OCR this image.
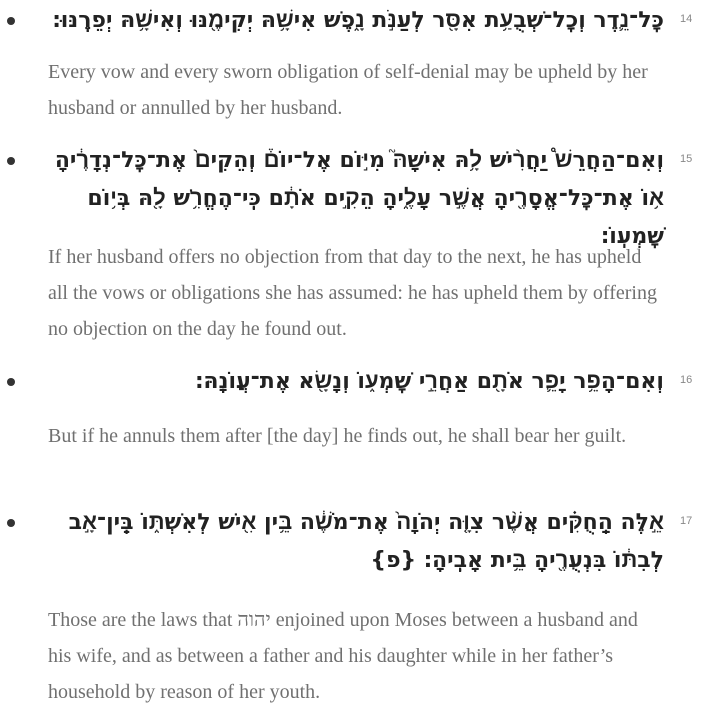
כׇּל־נֵ֛דֶר וְכׇל־שְׁבֻעַ֥ת אִסָּ֖ר לְעַנֹּ֣ת נָ֑פֶשׁ אִישָׁ֥הּ יְקִימֶ֖נּוּ וְאִישָׁ֥הּ יְפֵרֶֽנּוּ׃ 14
Every vow and every sworn obligation of self-denial may be upheld by her husband or annulled by her husband.
וְאִם־הַחֲרֵשׁ֩ יַחֲרִ֨ישׁ לָ֥הּ אִישָׁהּ֮ מִיּ֣וֹם אֶל־יוֹם֒ וְהֵקִים֙ אֶת־כׇּל־נְדָרֶ֔יהָ א֥וֹ אֶת־כׇּל־אֱסָרֶ֖יהָ אֲשֶׁ֣ר עָלֶ֑יהָ הֵקִ֣ים אֹתָ֔ם כִּֽי־הֶחֱרִ֥שׁ לָ֖הּ בְּי֥וֹם שׇׁמְעֽוֹ׃
15
If her husband offers no objection from that day to the next, he has upheld all the vows or obligations she has assumed: he has upheld them by offering no objection on the day he found out.
וְאִם־הָפֵ֥ר יָפֵ֛ר אֹתָ֖ם אַחֲרֵ֣י שׇׁמְע֑וֹ וְנָשָׂ֖א אֶת־עֲוֺנָֽהּ׃ 16
But if he annuls them after [the day] he finds out, he shall bear her guilt.
אֵ֣לֶּה הַֽחֻקִּ֗ים אֲשֶׁ֨ר צִוָּ֤ה יְהֹוָה֙ אֶת־מֹשֶׁ֔ה בֵּ֥ין אִ֖ישׁ לְאִשְׁתּ֑וֹ בֵּֽין־אָ֣ב לְבִתּ֔וֹ בִּנְעֻרֶ֖יהָ בֵּ֥ית אָבִֽיהָ׃ {פ}
17
Those are the laws that יהוה enjoined upon Moses between a husband and his wife, and as between a father and his daughter while in her father’s household by reason of her youth.
